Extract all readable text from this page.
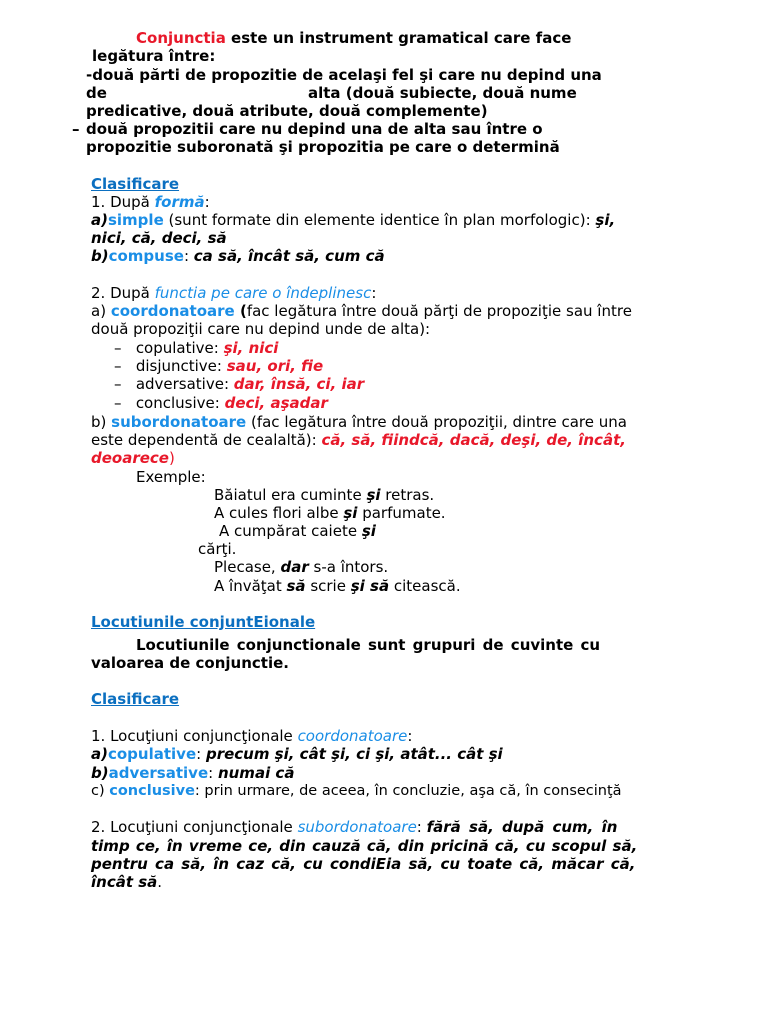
Conjunctia este un instrument gramatical care face
legătura între:
-două părti de propozitie de acelaşi fel şi care nu depind una
de	alta (două subiecte, două nume
predicative, două atribute, două complemente)
– două propozitii care nu depind una de alta sau între o
propozitie suboronată şi propozitia pe care o determină
Clasificare
1. După formă:
a)simple (sunt formate din elemente identice în plan morfologic): şi,
nici, că, deci, să
b)compuse: ca să, încât să, cum că
2. După functia pe care o îndeplinesc:
a) coordonatoare (fac legătura între două părţi de propoziţie sau între
două propoziţii care nu depind unde de alta):
–   copulative: şi, nici
–   disjunctive: sau, ori, fie
–   adversative: dar, însă, ci, iar
–   conclusive: deci, aşadar
b) subordonatoare (fac legătura între două propoziţii, dintre care una
este dependentă de cealaltă): că, să, fiindcă, dacă, deşi, de, încât,
deoarece)
Exemple:
Băiatul era cuminte şi retras.
A cules flori albe şi parfumate.
A cumpărat caiete şi
cărţi.
Plecase, dar s-a întors.
A învăţat să scrie şi să citească.
Locutiunile conjuntΕionale
Locutiunile conjunctionale sunt grupuri de cuvinte cu
valoarea de conjunctie.
Clasificare
1. Locuţiuni conjuncţionale coordonatoare:
a)copulative: precum şi, cât şi, ci şi, atât... cât şi
b)adversative: numai că
c) conclusive: prin urmare, de aceea, în concluzie, aşa că, în consecinţă
2. Locuţiuni conjuncţionale subordonatoare: fără să, după cum, în
timp ce, în vreme ce, din cauză că, din pricină că, cu scopul să,
pentru ca să, în caz că, cu condiΕia să, cu toate că, măcar că,
încât să.
